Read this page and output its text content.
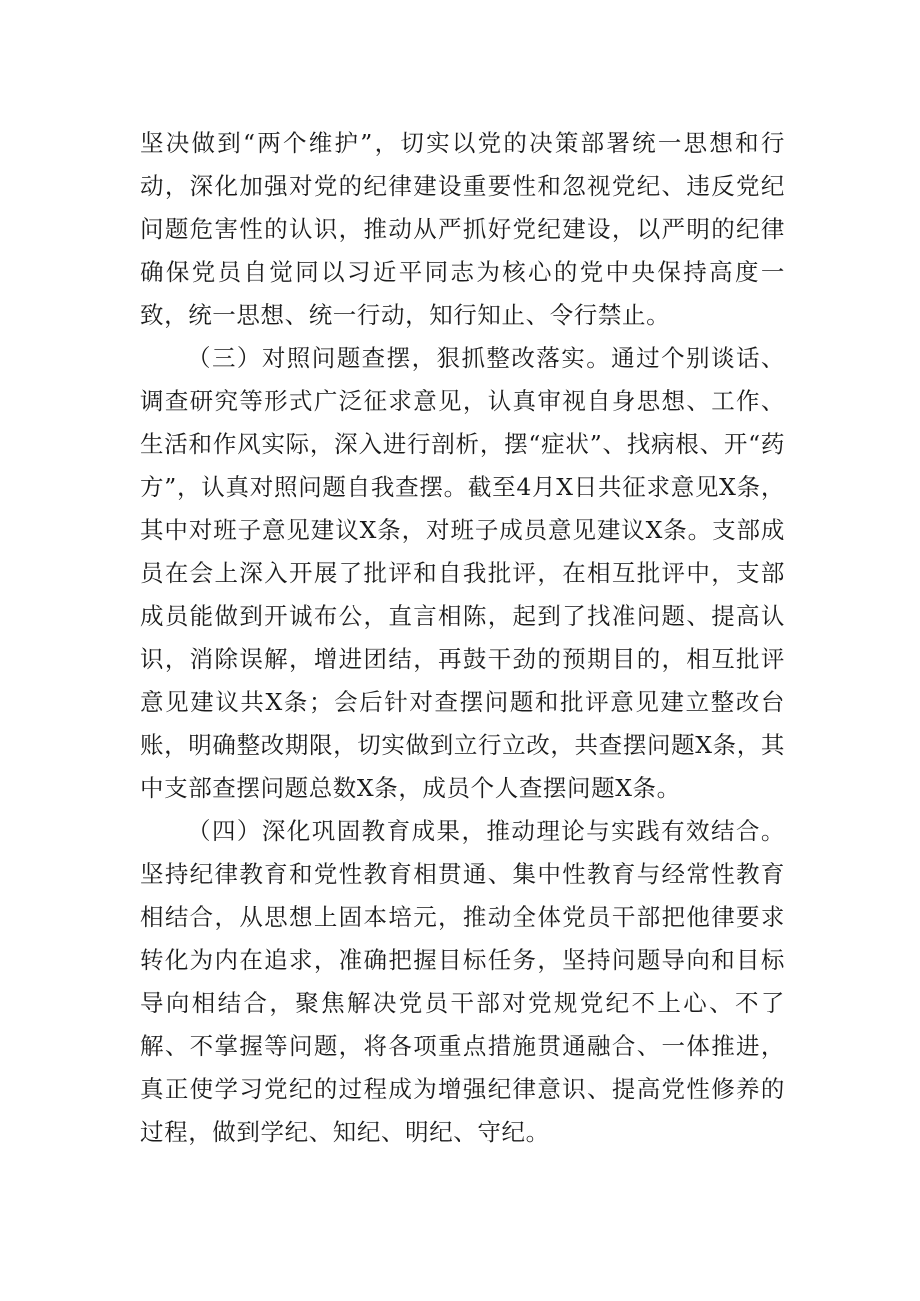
坚决做到“两个维护”，切实以党的决策部署统一思想和行动，深化加强对党的纪律建设重要性和忽视党纪、违反党纪问题危害性的认识，推动从严抓好党纪建设，以严明的纪律确保党员自觉同以习近平同志为核心的党中央保持高度一致，统一思想、统一行动，知行知止、令行禁止。

（三）对照问题查摆，狠抓整改落实。通过个别谈话、调查研究等形式广泛征求意见，认真审视自身思想、工作、生活和作风实际，深入进行剖析，摆“症状”、找病根、开“药方”，认真对照问题自我查摆。截至4月X日共征求意见X条，其中对班子意见建议X条，对班子成员意见建议X条。支部成员在会上深入开展了批评和自我批评，在相互批评中，支部成员能做到开诚布公，直言相陈，起到了找准问题、提高认识，消除误解，增进团结，再鼓干劲的预期目的，相互批评意见建议共X条；会后针对查摆问题和批评意见建立整改台账，明确整改期限，切实做到立行立改，共查摆问题X条，其中支部查摆问题总数X条，成员个人查摆问题X条。

（四）深化巩固教育成果，推动理论与实践有效结合。坚持纪律教育和党性教育相贯通、集中性教育与经常性教育相结合，从思想上固本培元，推动全体党员干部把他律要求转化为内在追求，准确把握目标任务，坚持问题导向和目标导向相结合，聚焦解决党员干部对党规党纪不上心、不了解、不掌握等问题，将各项重点措施贯通融合、一体推进，真正使学习党纪的过程成为增强纪律意识、提高党性修养的过程，做到学纪、知纪、明纪、守纪。
